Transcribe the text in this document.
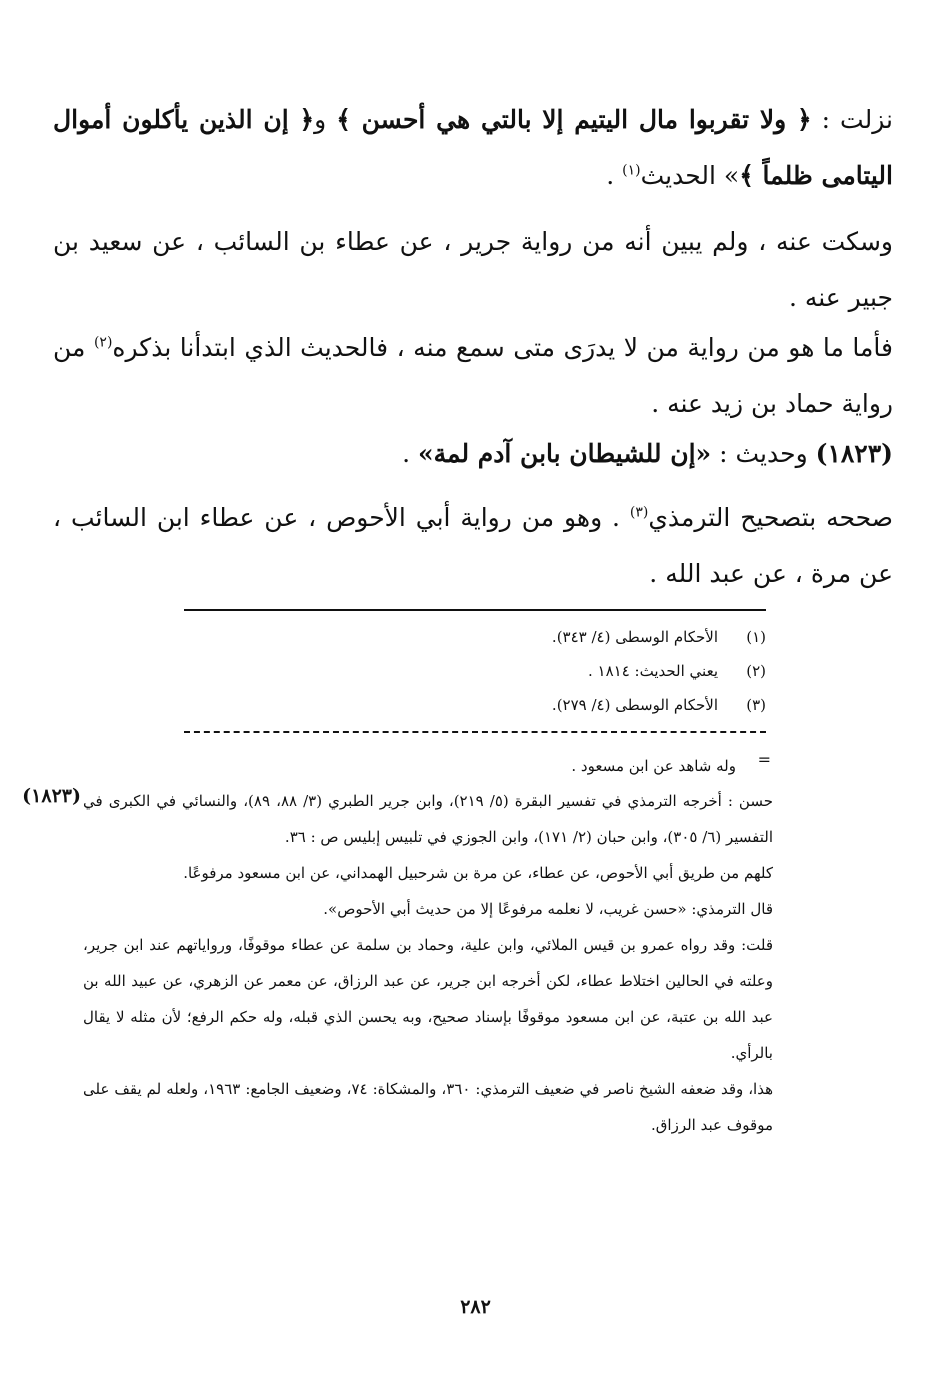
نزلت : ﴿ ولا تقربوا مال اليتيم إلا بالتي هي أحسن ﴾ و﴿ إن الذين يأكلون أموال اليتامى ظلماً ﴾» الحديث$^{(١)}$ .

وسكت عنه ، ولم يبين أنه من رواية جرير ، عن عطاء بن السائب ، عن سعيد بن جبير عنه .

فأما ما هو من رواية من لا يدرَى متى سمع منه ، فالحديث الذي ابتدأنا بذكره$^{(٢)}$ من رواية حماد بن زيد عنه .

(١٨٢٣) وحديث : «إن للشيطان بابن آدم لمة» .

صححه بتصحيح الترمذي$^{(٣)}$ . وهو من رواية أبي الأحوص ، عن عطاء ابن السائب ، عن مرة ، عن عبد الله .

(١)
الأحكام الوسطى (٤/ ٣٤٣).
(٢)
يعني الحديث: ١٨١٤ .
(٣)
الأحكام الوسطى (٤/ ٢٧٩).
=

وله شاهد عن ابن مسعود .

(١٨٢٣) حسن : أخرجه الترمذي في تفسير البقرة (٥/ ٢١٩)، وابن جرير الطبري (٣/ ٨٨، ٨٩)، والنسائي في الكبرى في التفسير (٦/ ٣٠٥)، وابن حبان (٢/ ١٧١)، وابن الجوزي في تلبيس إبليس ص : ٣٦.

كلهم من طريق أبي الأحوص، عن عطاء، عن مرة بن شرحبيل الهمداني، عن ابن مسعود مرفوعًا.

قال الترمذي: «حسن غريب، لا نعلمه مرفوعًا إلا من حديث أبي الأحوص».

قلت: وقد رواه عمرو بن قيس الملائي، وابن علية، وحماد بن سلمة عن عطاء موقوفًا، ورواياتهم عند ابن جرير، وعلته في الحالين اختلاط عطاء، لكن أخرجه ابن جرير، عن عبد الرزاق، عن معمر عن الزهري، عن عبيد الله بن عبد الله بن عتبة، عن ابن مسعود موقوفًا بإسناد صحيح، وبه يحسن الذي قبله، وله حكم الرفع؛ لأن مثله لا يقال بالرأي.

هذا، وقد ضعفه الشيخ ناصر في ضعيف الترمذي: ٣٦٠، والمشكاة: ٧٤، وضعيف الجامع: ١٩٦٣، ولعله لم يقف على موقوف عبد الرزاق.

٢٨٢
